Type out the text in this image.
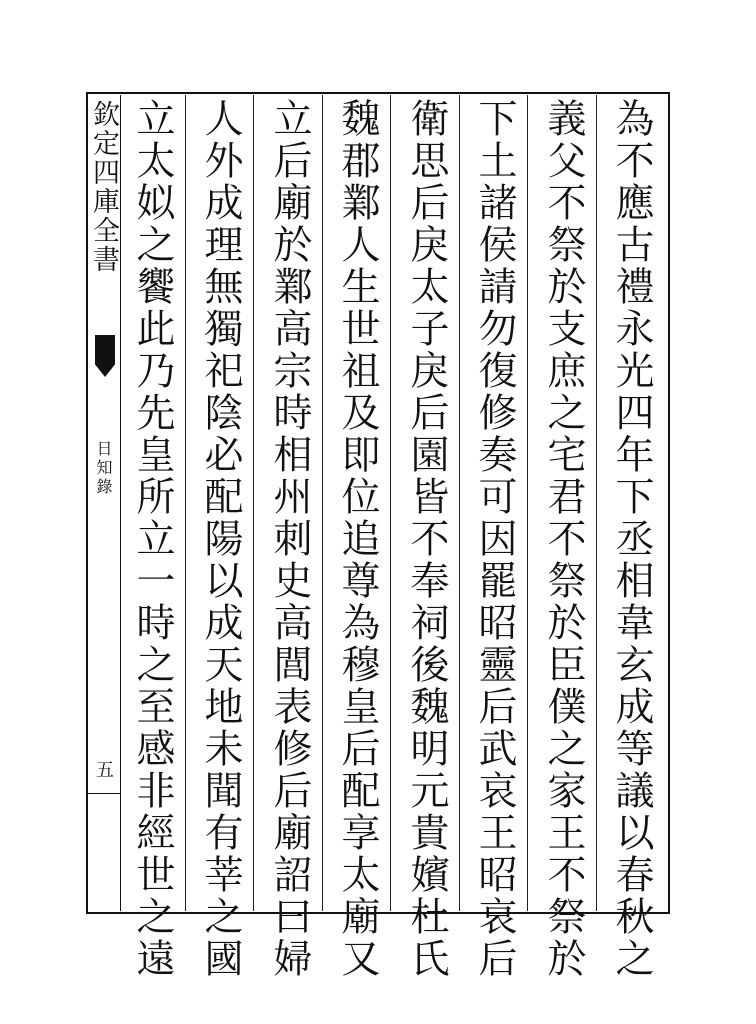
為不應古禮永光四年下丞相韋玄成等議以春秋之
義父不祭於支庶之宅君不祭於臣僕之家王不祭於
下土諸侯請勿復修奏可因罷昭靈后武哀王昭哀后
衛思后戾太子戾后園皆不奉祠後魏明元貴嬪杜氏
魏郡鄴人生世祖及即位追尊為穆皇后配享太廟又
立后廟於鄴高宗時相州刺史高閭表修后廟詔曰婦
人外成理無獨祀陰必配陽以成天地未聞有莘之國
立太姒之饗此乃先皇所立一時之至感非經世之遠
欽定四庫全書
日知錄
五
